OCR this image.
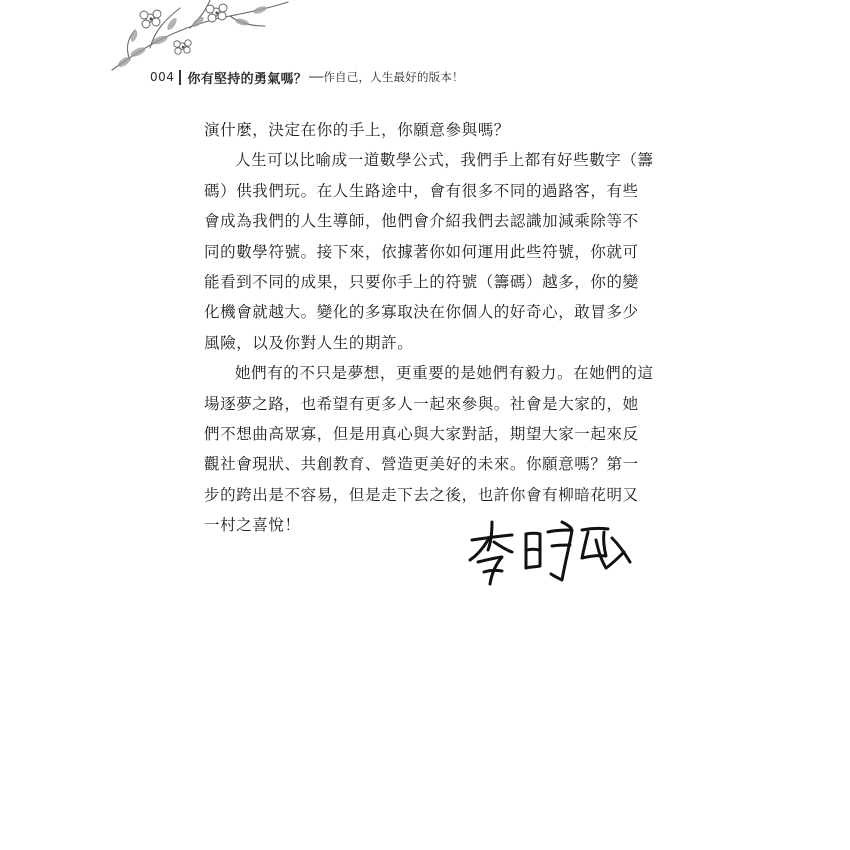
004 你有堅持的勇氣嗎？ ──作自己，人生最好的版本！

演什麼，決定在你的手上，你願意參與嗎？

人生可以比喻成一道數學公式，我們手上都有好些數字（籌碼）供我們玩。在人生路途中，會有很多不同的過路客，有些會成為我們的人生導師，他們會介紹我們去認識加減乘除等不同的數學符號。接下來，依據著你如何運用此些符號，你就可能看到不同的成果，只要你手上的符號（籌碼）越多，你的變化機會就越大。變化的多寡取決在你個人的好奇心，敢冒多少風險，以及你對人生的期許。

她們有的不只是夢想，更重要的是她們有毅力。在她們的這場逐夢之路，也希望有更多人一起來參與。社會是大家的，她們不想曲高眾寡，但是用真心與大家對話，期望大家一起來反觀社會現狀、共創教育、營造更美好的未來。你願意嗎？第一步的跨出是不容易，但是走下去之後，也許你會有柳暗花明又一村之喜悅！
